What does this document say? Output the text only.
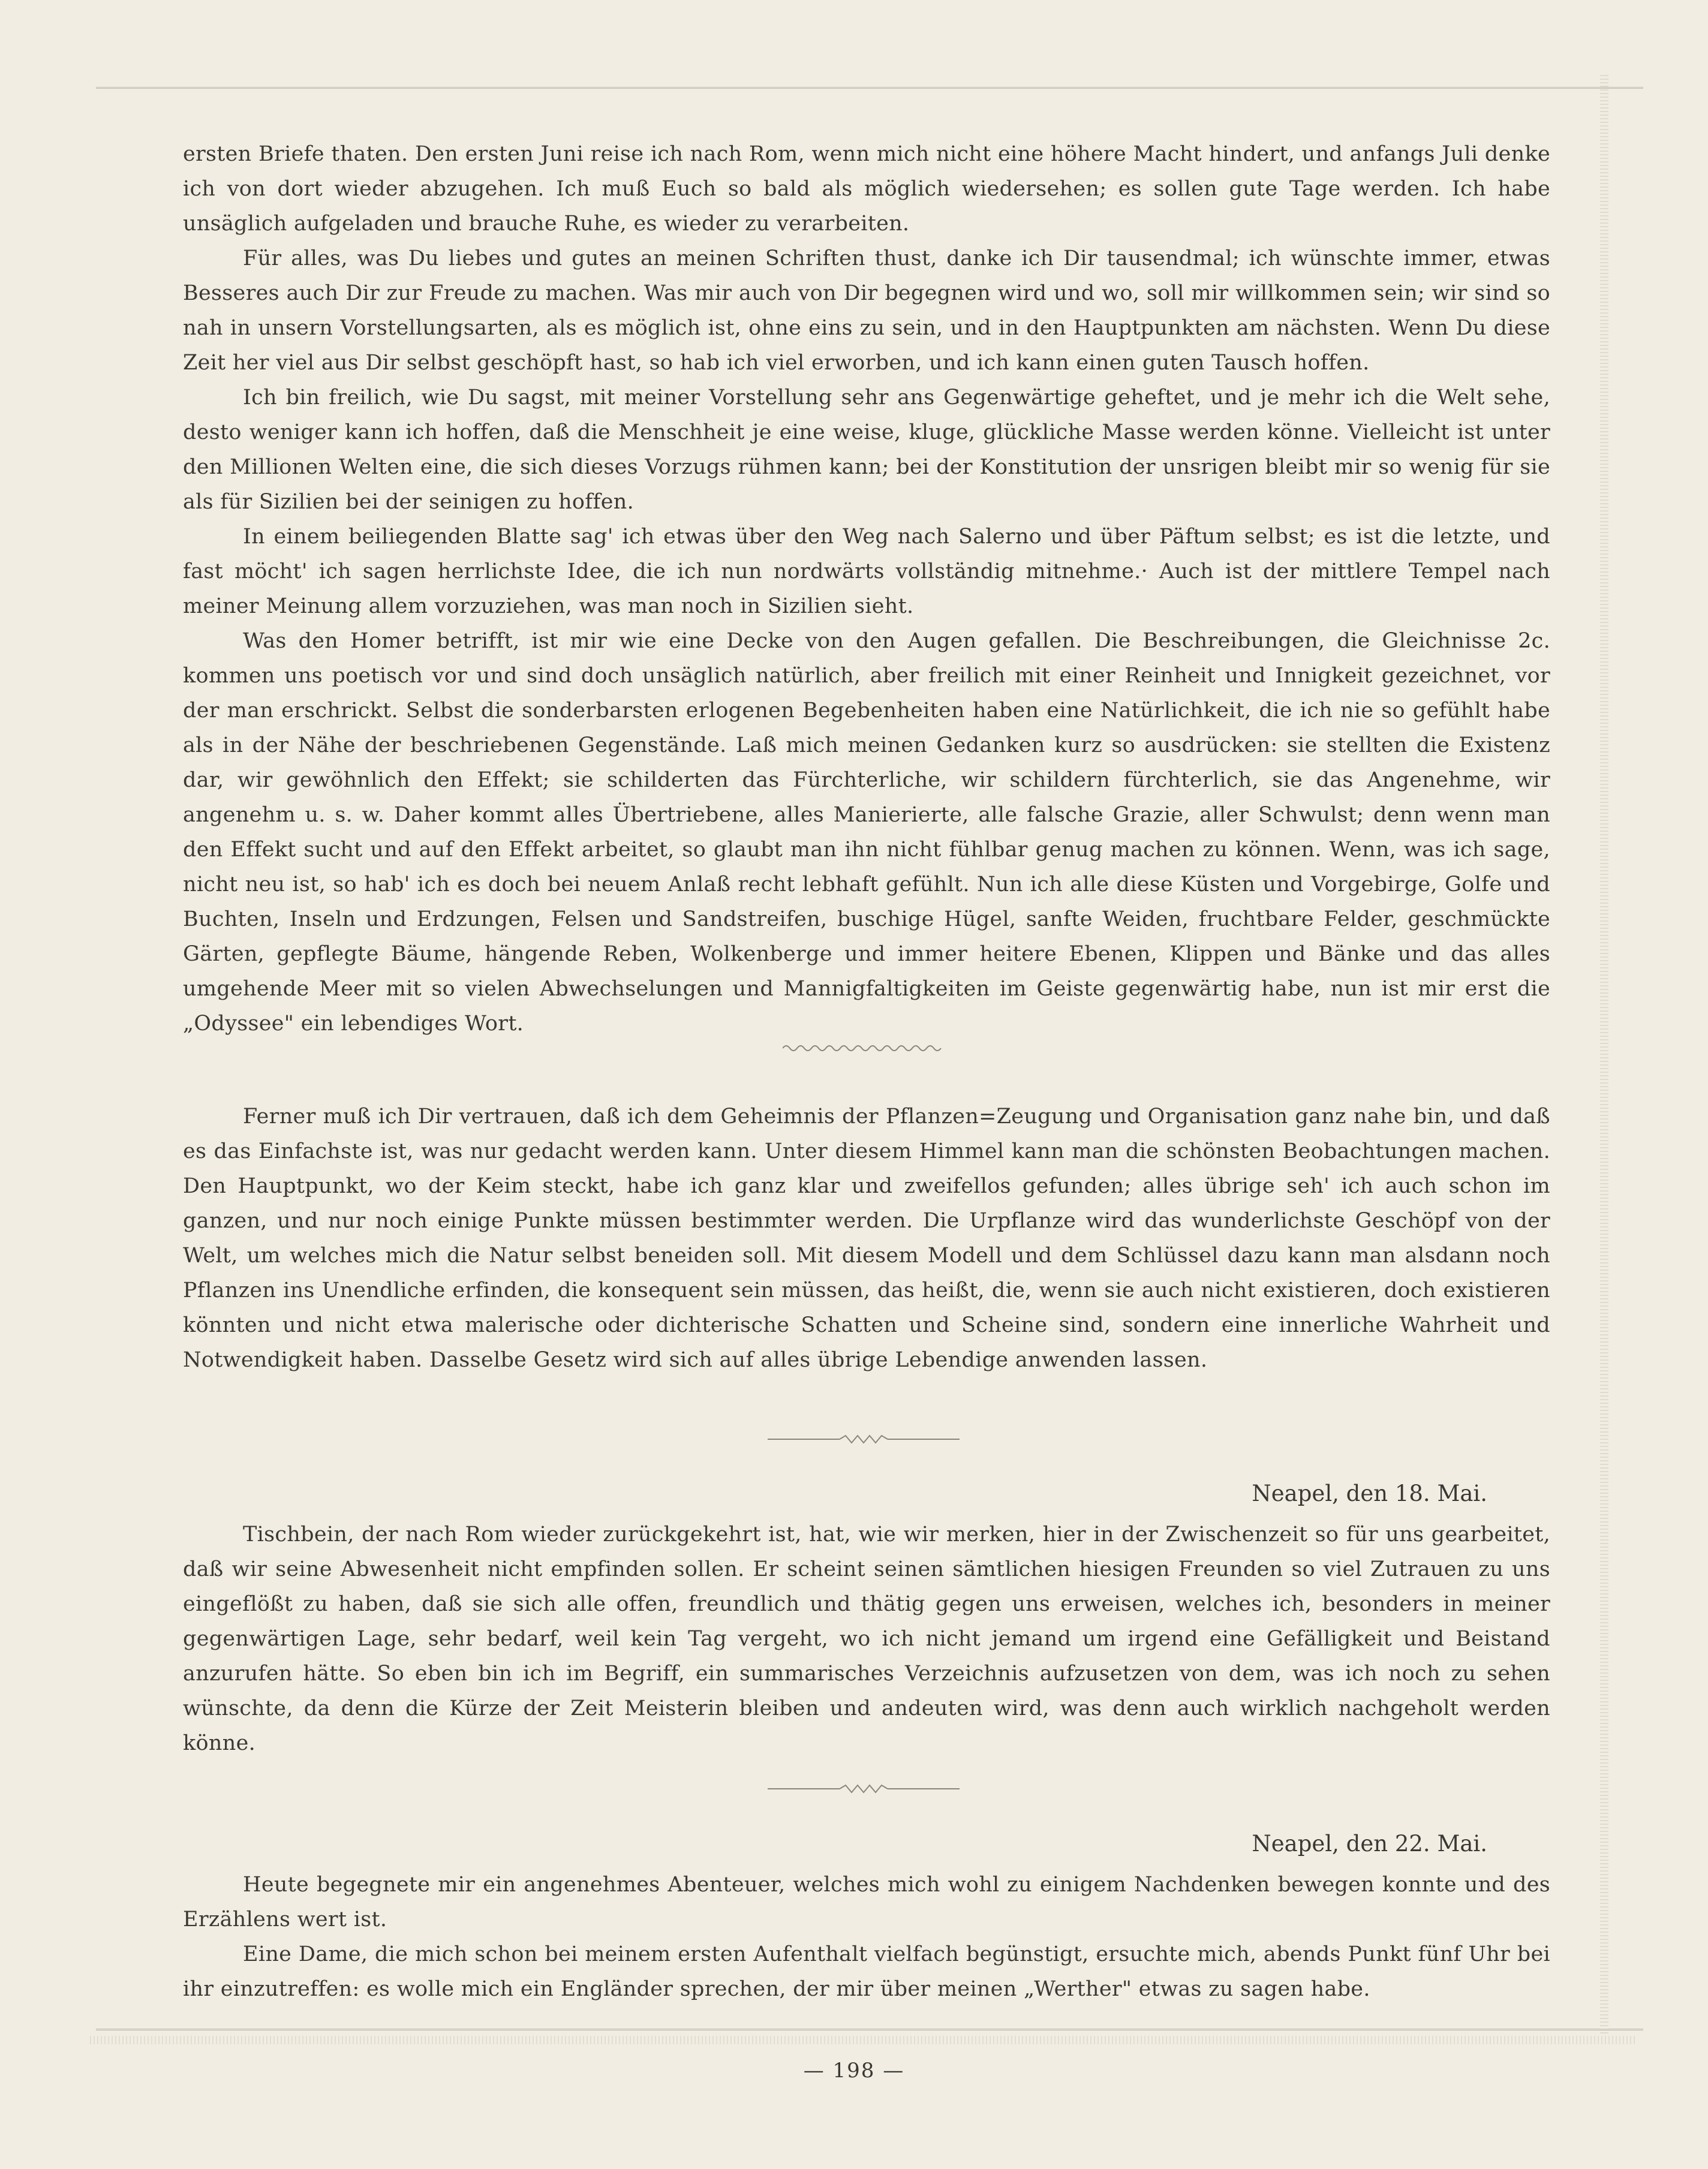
ersten Briefe thaten. Den ersten Juni reise ich nach Rom, wenn mich nicht eine höhere Macht hindert, und anfangs Juli denke ich von dort wieder abzugehen. Ich muß Euch so bald als möglich wiedersehen; es sollen gute Tage werden. Ich habe unsäglich aufgeladen und brauche Ruhe, es wieder zu verarbeiten.

Für alles, was Du liebes und gutes an meinen Schriften thust, danke ich Dir tausendmal; ich wünschte immer, etwas Besseres auch Dir zur Freude zu machen. Was mir auch von Dir begegnen wird und wo, soll mir willkommen sein; wir sind so nah in unsern Vorstellungsarten, als es möglich ist, ohne eins zu sein, und in den Hauptpunkten am nächsten. Wenn Du diese Zeit her viel aus Dir selbst geschöpft hast, so hab ich viel erworben, und ich kann einen guten Tausch hoffen.

Ich bin freilich, wie Du sagst, mit meiner Vorstellung sehr ans Gegenwärtige geheftet, und je mehr ich die Welt sehe, desto weniger kann ich hoffen, daß die Menschheit je eine weise, kluge, glückliche Masse werden könne. Vielleicht ist unter den Millionen Welten eine, die sich dieses Vorzugs rühmen kann; bei der Konstitution der unsrigen bleibt mir so wenig für sie als für Sizilien bei der seinigen zu hoffen.

In einem beiliegenden Blatte sag' ich etwas über den Weg nach Salerno und über Päftum selbst; es ist die letzte, und fast möcht' ich sagen herrlichste Idee, die ich nun nordwärts vollständig mitnehme.· Auch ist der mittlere Tempel nach meiner Meinung allem vorzuziehen, was man noch in Sizilien sieht.

Was den Homer betrifft, ist mir wie eine Decke von den Augen gefallen. Die Beschreibungen, die Gleichnisse 2c. kommen uns poetisch vor und sind doch unsäglich natürlich, aber freilich mit einer Reinheit und Innigkeit gezeichnet, vor der man erschrickt. Selbst die sonderbarsten erlogenen Begebenheiten haben eine Natürlichkeit, die ich nie so gefühlt habe als in der Nähe der beschriebenen Gegenstände. Laß mich meinen Gedanken kurz so ausdrücken: sie stellten die Existenz dar, wir gewöhnlich den Effekt; sie schilderten das Fürchterliche, wir schildern fürchterlich, sie das Angenehme, wir angenehm u. s. w. Daher kommt alles Übertriebene, alles Manierierte, alle falsche Grazie, aller Schwulst; denn wenn man den Effekt sucht und auf den Effekt arbeitet, so glaubt man ihn nicht fühlbar genug machen zu können. Wenn, was ich sage, nicht neu ist, so hab' ich es doch bei neuem Anlaß recht lebhaft gefühlt. Nun ich alle diese Küsten und Vorgebirge, Golfe und Buchten, Inseln und Erdzungen, Felsen und Sandstreifen, buschige Hügel, sanfte Weiden, fruchtbare Felder, geschmückte Gärten, gepflegte Bäume, hängende Reben, Wolkenberge und immer heitere Ebenen, Klippen und Bänke und das alles umgehende Meer mit so vielen Abwechselungen und Mannigfaltigkeiten im Geiste gegenwärtig habe, nun ist mir erst die „Odyssee" ein lebendiges Wort.

Ferner muß ich Dir vertrauen, daß ich dem Geheimnis der Pflanzen=Zeugung und Organisation ganz nahe bin, und daß es das Einfachste ist, was nur gedacht werden kann. Unter diesem Himmel kann man die schönsten Beobachtungen machen. Den Hauptpunkt, wo der Keim steckt, habe ich ganz klar und zweifellos gefunden; alles übrige seh' ich auch schon im ganzen, und nur noch einige Punkte müssen bestimmter werden. Die Urpflanze wird das wunderlichste Geschöpf von der Welt, um welches mich die Natur selbst beneiden soll. Mit diesem Modell und dem Schlüssel dazu kann man alsdann noch Pflanzen ins Unendliche erfinden, die konsequent sein müssen, das heißt, die, wenn sie auch nicht existieren, doch existieren könnten und nicht etwa malerische oder dichterische Schatten und Scheine sind, sondern eine innerliche Wahrheit und Notwendigkeit haben. Dasselbe Gesetz wird sich auf alles übrige Lebendige anwenden lassen.

Neapel, den 18. Mai.

Tischbein, der nach Rom wieder zurückgekehrt ist, hat, wie wir merken, hier in der Zwischenzeit so für uns gearbeitet, daß wir seine Abwesenheit nicht empfinden sollen. Er scheint seinen sämtlichen hiesigen Freunden so viel Zutrauen zu uns eingeflößt zu haben, daß sie sich alle offen, freundlich und thätig gegen uns erweisen, welches ich, besonders in meiner gegenwärtigen Lage, sehr bedarf, weil kein Tag vergeht, wo ich nicht jemand um irgend eine Gefälligkeit und Beistand anzurufen hätte. So eben bin ich im Begriff, ein summarisches Verzeichnis aufzusetzen von dem, was ich noch zu sehen wünschte, da denn die Kürze der Zeit Meisterin bleiben und andeuten wird, was denn auch wirklich nachgeholt werden könne.

Neapel, den 22. Mai.

Heute begegnete mir ein angenehmes Abenteuer, welches mich wohl zu einigem Nachdenken bewegen konnte und des Erzählens wert ist.

Eine Dame, die mich schon bei meinem ersten Aufenthalt vielfach begünstigt, ersuchte mich, abends Punkt fünf Uhr bei ihr einzutreffen: es wolle mich ein Engländer sprechen, der mir über meinen „Werther" etwas zu sagen habe.

— 198 —
